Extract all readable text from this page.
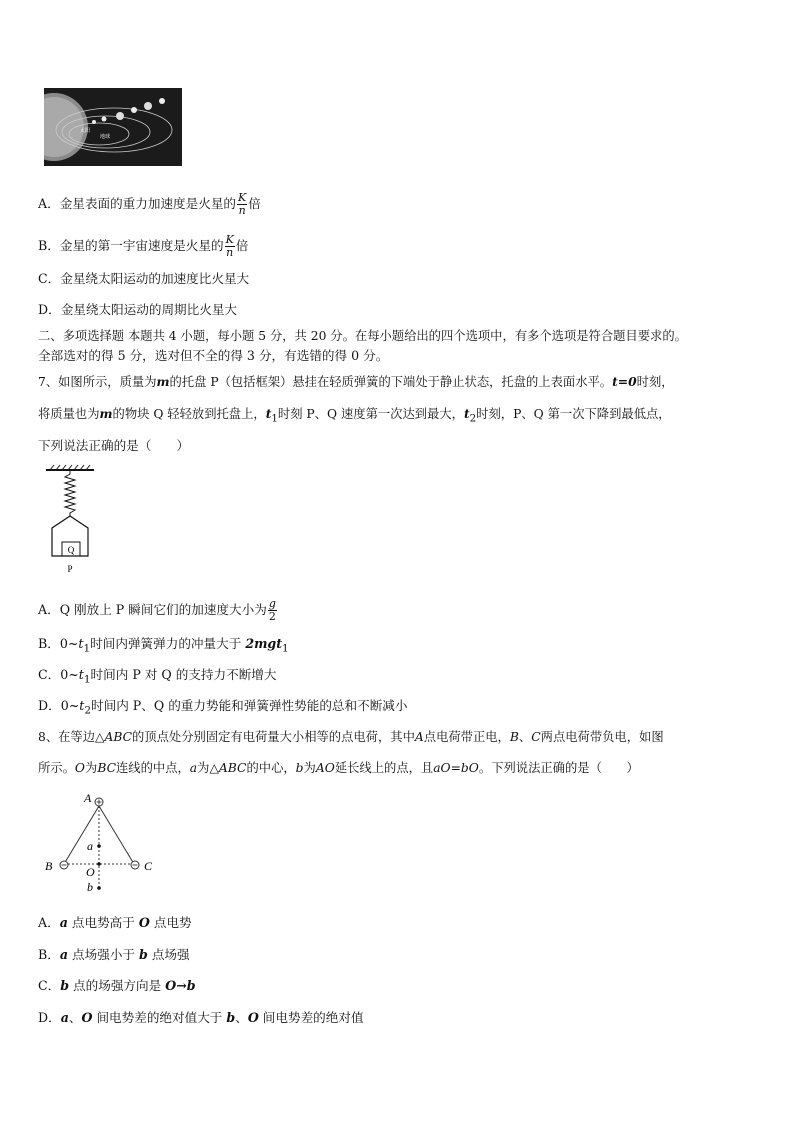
太阳
地球
A．金星表面的重力加速度是火星的 $\frac{K}{n}$ 倍
B．金星的第一宇宙速度是火星的 $\frac{K}{n}$ 倍
C．金星绕太阳运动的加速度比火星大
D．金星绕太阳运动的周期比火星大
二、多项选择题 本题共 4 小题，每小题 5 分，共 20 分。在每小题给出的四个选项中，有多个选项是符合题目要求的。
全部选对的得 5 分，选对但不全的得 3 分，有选错的得 0 分。
7、如图所示，质量为m的托盘 P（包括框架）悬挂在轻质弹簧的下端处于静止状态，托盘的上表面水平。t=0时刻，
将质量也为m的物块 Q 轻轻放到托盘上，$t_1$时刻 P、Q 速度第一次达到最大，$t_2$时刻，P、Q 第一次下降到最低点，
下列说法正确的是（　　）
Q
P
A．Q 刚放上 P 瞬间它们的加速度大小为 $\frac{g}{2}$
B．$0\sim t_1$时间内弹簧弹力的冲量大于 2mgt$_1$
C．$0\sim t_1$时间内 P 对 Q 的支持力不断增大
D．$0\sim t_2$时间内 P、Q 的重力势能和弹簧弹性势能的总和不断减小
8、在等边△ABC的顶点处分别固定有电荷量大小相等的点电荷，其中A点电荷带正电，B、C两点电荷带负电，如图
所示。O为BC连线的中点，a为△ABC的中心，b为AO延长线上的点，且aO=bO。下列说法正确的是（　　）
A
B	C
a
O
b
A．a 点电势高于 O 点电势
B．a 点场强小于 b 点场强
C．b 点的场强方向是 O→b
D．a、O 间电势差的绝对值大于 b、O 间电势差的绝对值
